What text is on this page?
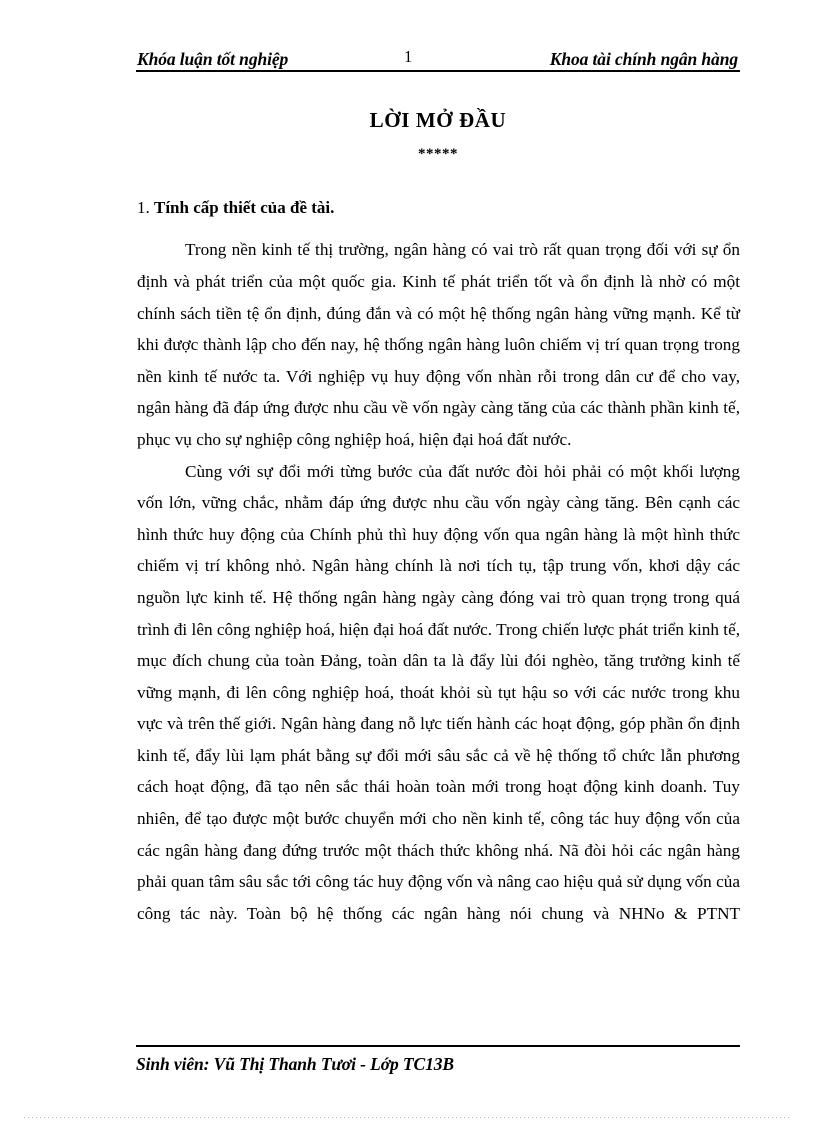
Khóa luận tốt nghiệp	1	Khoa tài chính ngân hàng
LỜI MỞ ĐẦU
*****
1. Tính cấp thiết của đề tài.

Trong nền kinh tế thị trường, ngân hàng có vai trò rất quan trọng đối với sự ổn định và phát triển của một quốc gia. Kinh tế phát triển tốt và ổn định là nhờ có một chính sách tiền tệ ổn định, đúng đắn và có một hệ thống ngân hàng vững mạnh. Kể từ khi được thành lập cho đến nay, hệ thống ngân hàng luôn chiếm vị trí quan trọng trong nền kinh tế nước ta. Với nghiệp vụ huy động vốn nhàn rỗi trong dân cư để cho vay, ngân hàng đã đáp ứng được nhu cầu về vốn ngày càng tăng của các thành phần kinh tế, phục vụ cho sự nghiệp công nghiệp hoá, hiện đại hoá đất nước.

Cùng với sự đổi mới từng bước của đất nước đòi hỏi phải có một khối lượng vốn lớn, vững chắc, nhằm đáp ứng được nhu cầu vốn ngày càng tăng. Bên cạnh các hình thức huy động của Chính phủ thì huy động vốn qua ngân hàng là một hình thức chiếm vị trí không nhỏ. Ngân hàng chính là nơi tích tụ, tập trung vốn, khơi dậy các nguồn lực kinh tế. Hệ thống ngân hàng ngày càng đóng vai trò quan trọng trong quá trình đi lên công nghiệp hoá, hiện đại hoá đất nước. Trong chiến lược phát triển kinh tế, mục đích chung của toàn Đảng, toàn dân ta là đẩy lùi đói nghèo, tăng trưởng kinh tế vững mạnh, đi lên công nghiệp hoá, thoát khỏi sù tụt hậu so với các nước trong khu vực và trên thế giới. Ngân hàng đang nỗ lực tiến hành các hoạt động, góp phần ổn định kinh tế, đẩy lùi lạm phát bằng sự đổi mới sâu sắc cả về hệ thống tổ chức lẫn phương cách hoạt động, đã tạo nên sắc thái hoàn toàn mới trong hoạt động kinh doanh. Tuy nhiên, để tạo được một bước chuyển mới cho nền kinh tế, công tác huy động vốn của các ngân hàng đang đứng trước một thách thức không nhá. Nã đòi hỏi các ngân hàng phải quan tâm sâu sắc tới công tác huy động vốn và nâng cao hiệu quả sử dụng vốn của công tác này. Toàn bộ hệ thống các ngân hàng nói chung và NHNo & PTNT

Sinh viên: Vũ Thị Thanh Tươi - Lớp TC13B
